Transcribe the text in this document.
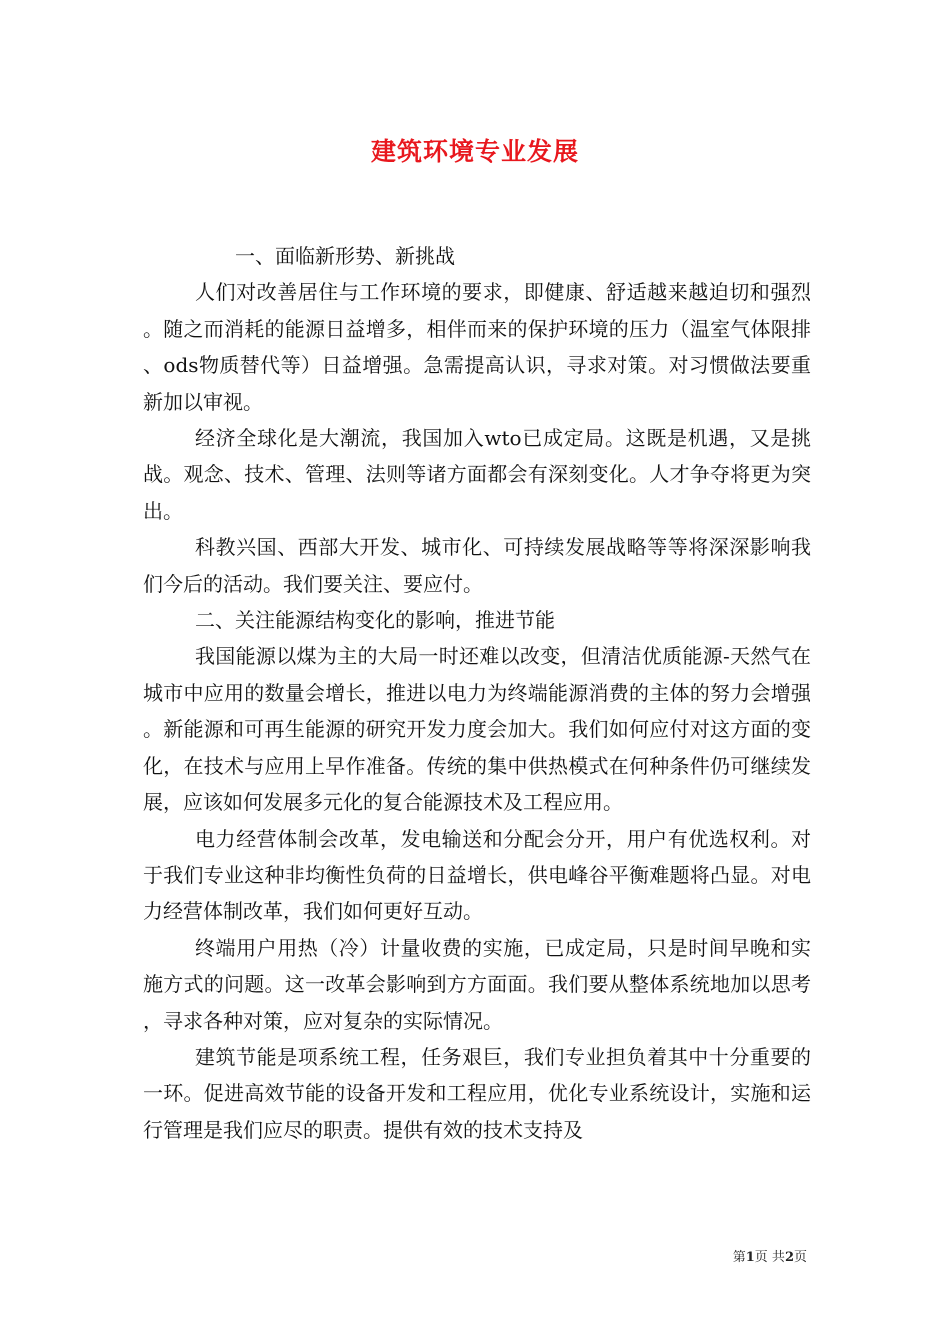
建筑环境专业发展

一、面临新形势、新挑战

人们对改善居住与工作环境的要求，即健康、舒适越来越迫切和强烈。随之而消耗的能源日益增多，相伴而来的保护环境的压力（温室气体限排、ods物质替代等）日益增强。急需提高认识，寻求对策。对习惯做法要重新加以审视。

经济全球化是大潮流，我国加入wto已成定局。这既是机遇，又是挑战。观念、技术、管理、法则等诸方面都会有深刻变化。人才争夺将更为突出。

科教兴国、西部大开发、城市化、可持续发展战略等等将深深影响我们今后的活动。我们要关注、要应付。

二、关注能源结构变化的影响，推进节能

我国能源以煤为主的大局一时还难以改变，但清洁优质能源-天然气在城市中应用的数量会增长，推进以电力为终端能源消费的主体的努力会增强。新能源和可再生能源的研究开发力度会加大。我们如何应付对这方面的变化，在技术与应用上早作准备。传统的集中供热模式在何种条件仍可继续发展，应该如何发展多元化的复合能源技术及工程应用。

电力经营体制会改革，发电输送和分配会分开，用户有优选权利。对于我们专业这种非均衡性负荷的日益增长，供电峰谷平衡难题将凸显。对电力经营体制改革，我们如何更好互动。

终端用户用热（冷）计量收费的实施，已成定局，只是时间早晚和实施方式的问题。这一改革会影响到方方面面。我们要从整体系统地加以思考，寻求各种对策，应对复杂的实际情况。

建筑节能是项系统工程，任务艰巨，我们专业担负着其中十分重要的一环。促进高效节能的设备开发和工程应用，优化专业系统设计，实施和运行管理是我们应尽的职责。提供有效的技术支持及

第1页 共2页
